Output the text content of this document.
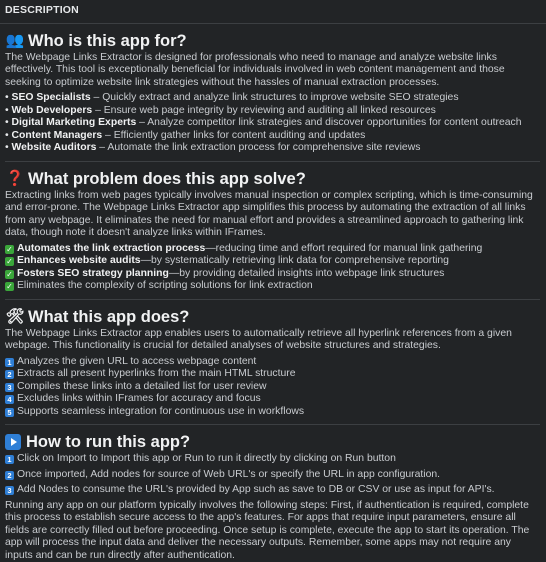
DESCRIPTION
👥 Who is this app for?

The Webpage Links Extractor is designed for professionals who need to manage and analyze website links effectively. This tool is exceptionally beneficial for individuals involved in web content management and those seeking to optimize website link strategies without the hassles of manual extraction processes.

• SEO Specialists – Quickly extract and analyze link structures to improve website SEO strategies
• Web Developers – Ensure web page integrity by reviewing and auditing all linked resources
• Digital Marketing Experts – Analyze competitor link strategies and discover opportunities for content outreach
• Content Managers – Efficiently gather links for content auditing and updates
• Website Auditors – Automate the link extraction process for comprehensive site reviews
❓ What problem does this app solve?

Extracting links from web pages typically involves manual inspection or complex scripting, which is time-consuming and error-prone. The Webpage Links Extractor app simplifies this process by automating the extraction of all links from any webpage. It eliminates the need for manual effort and provides a streamlined approach to gathering link data, though note it doesn't analyze links within IFrames.

✓ Automates the link extraction process—reducing time and effort required for manual link gathering
✓ Enhances website audits—by systematically retrieving link data for comprehensive reporting
✓ Fosters SEO strategy planning—by providing detailed insights into webpage link structures
✓ Eliminates the complexity of scripting solutions for link extraction
🛠 What this app does?

The Webpage Links Extractor app enables users to automatically retrieve all hyperlink references from a given webpage. This functionality is crucial for detailed analyses of website structures and strategies.

1 Analyzes the given URL to access webpage content
2 Extracts all present hyperlinks from the main HTML structure
3 Compiles these links into a detailed list for user review
4 Excludes links within IFrames for accuracy and focus
5 Supports seamless integration for continuous use in workflows
How to run this app?
1 Click on Import to Import this app or Run to run it directly by clicking on Run button
2 Once imported, Add nodes for source of Web URL's or specify the URL in app configuration.
3 Add Nodes to consume the URL's provided by App such as save to DB or CSV or use as input for API's.

Running any app on our platform typically involves the following steps: First, if authentication is required, complete this process to establish secure access to the app's features. For apps that require input parameters, ensure all fields are correctly filled out before proceeding. Once setup is complete, execute the app to start its operation. The app will process the input data and deliver the necessary outputs. Remember, some apps may not require any inputs and can be run directly after authentication.
